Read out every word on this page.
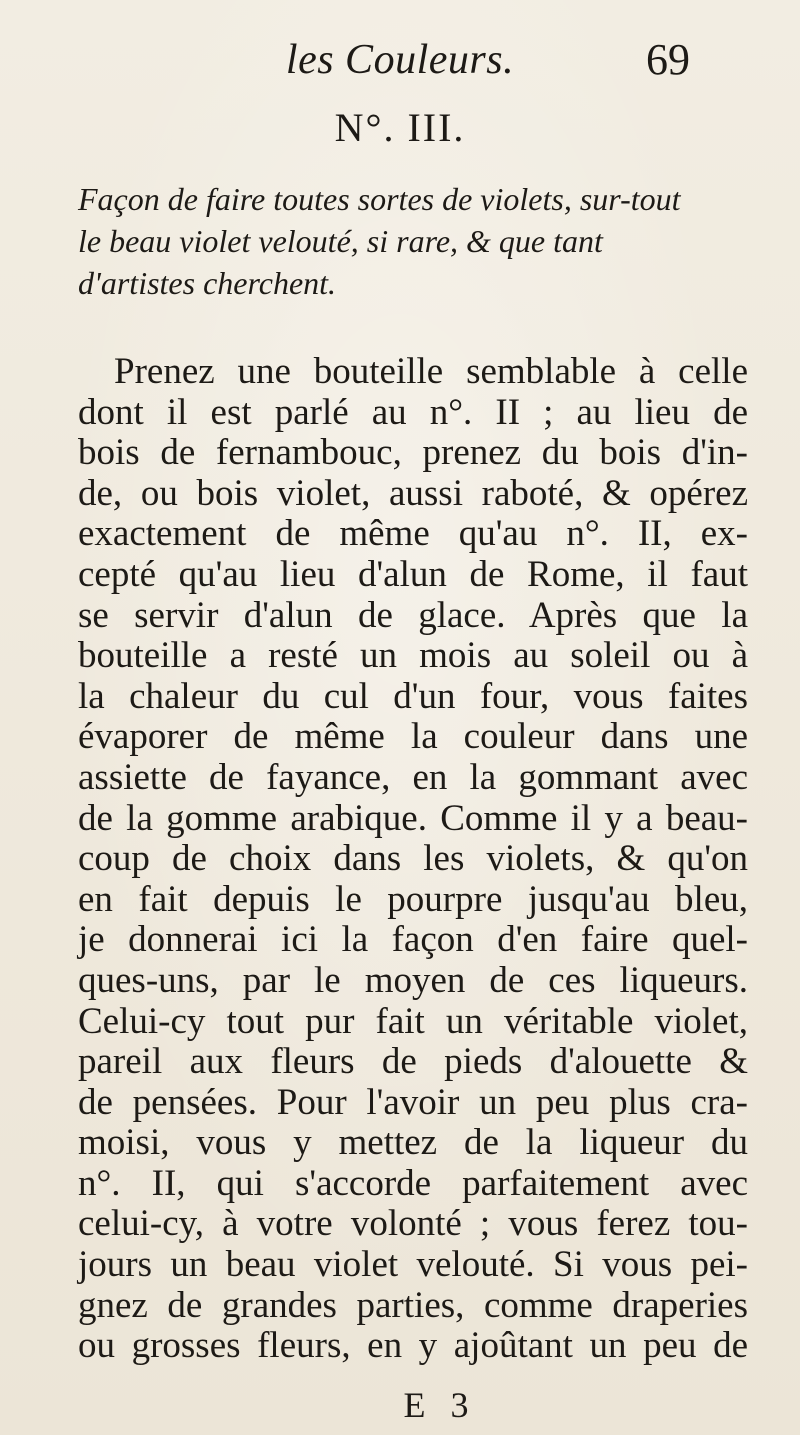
les Couleurs.	69
N°. III.
Façon de faire toutes sortes de violets, sur-tout
le beau violet velouté, si rare, & que tant
d'artistes cherchent.
Prenez une bouteille semblable à celle
dont il est parlé au n°. II ; au lieu de
bois de fernambouc, prenez du bois d'in-
de, ou bois violet, aussi raboté, & opérez
exactement de même qu'au n°. II, ex-
cepté qu'au lieu d'alun de Rome, il faut
se servir d'alun de glace. Après que la
bouteille a resté un mois au soleil ou à
la chaleur du cul d'un four, vous faites
évaporer de même la couleur dans une
assiette de fayance, en la gommant avec
de la gomme arabique. Comme il y a beau-
coup de choix dans les violets, & qu'on
en fait depuis le pourpre jusqu'au bleu,
je donnerai ici la façon d'en faire quel-
ques-uns, par le moyen de ces liqueurs.
Celui-cy tout pur fait un véritable violet,
pareil aux fleurs de pieds d'alouette &
de pensées. Pour l'avoir un peu plus cra-
moisi, vous y mettez de la liqueur du
n°. II, qui s'accorde parfaitement avec
celui-cy, à votre volonté ; vous ferez tou-
jours un beau violet velouté. Si vous pei-
gnez de grandes parties, comme draperies
ou grosses fleurs, en y ajoûtant un peu de
E 3
